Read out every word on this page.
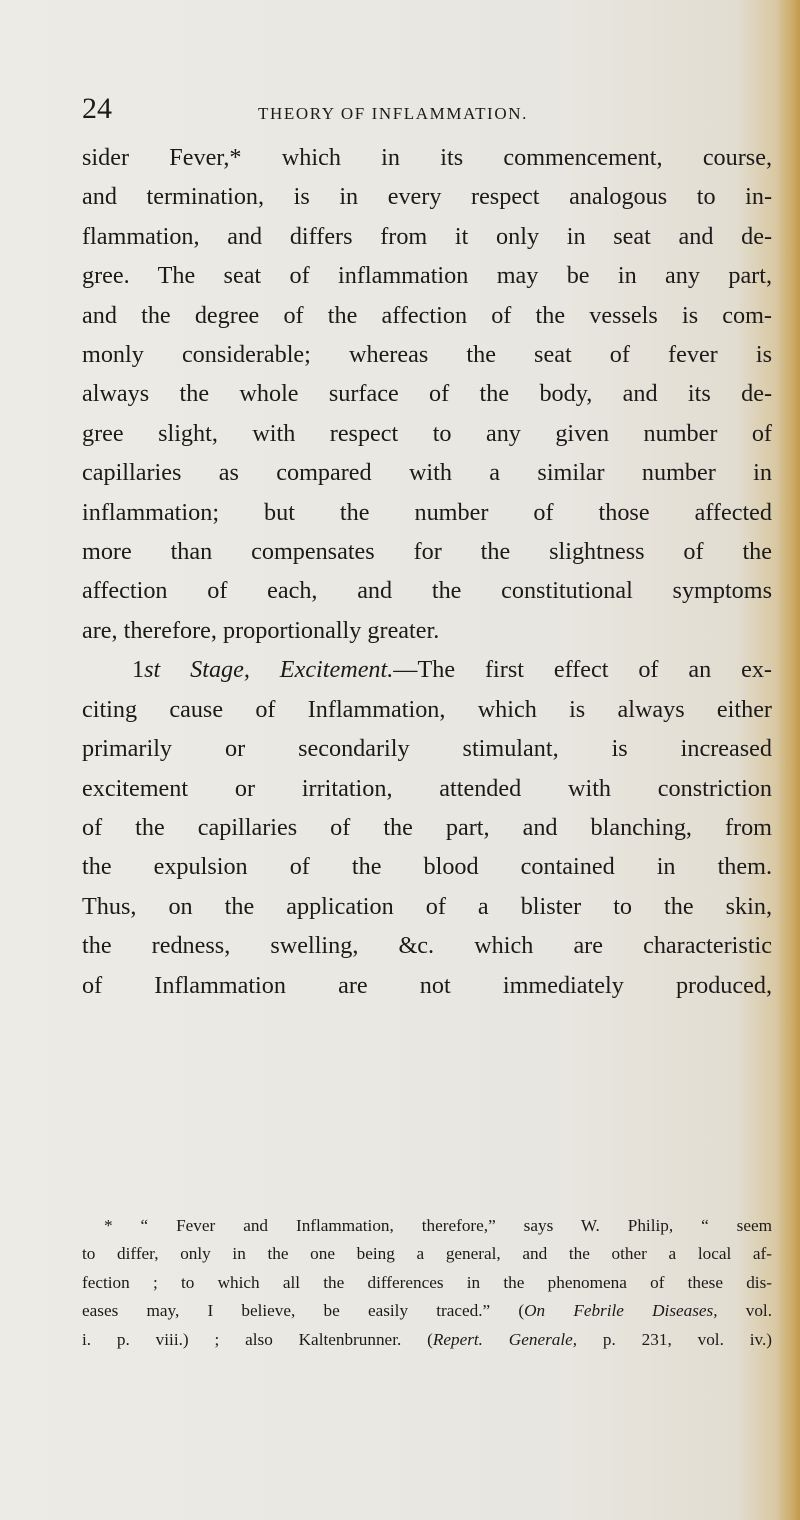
24	THEORY OF INFLAMMATION.

sider Fever,* which in its commencement, course,
and termination, is in every respect analogous to in-
flammation, and differs from it only in seat and de-
gree. The seat of inflammation may be in any part,
and the degree of the affection of the vessels is com-
monly considerable; whereas the seat of fever is
always the whole surface of the body, and its de-
gree slight, with respect to any given number of
capillaries as compared with a similar number in
inflammation; but the number of those affected
more than compensates for the slightness of the
affection of each, and the constitutional symptoms
are, therefore, proportionally greater.

1st Stage, Excitement.—The first effect of an ex-
citing cause of Inflammation, which is always either
primarily or secondarily stimulant, is increased
excitement or irritation, attended with constriction
of the capillaries of the part, and blanching, from
the expulsion of the blood contained in them.
Thus, on the application of a blister to the skin,
the redness, swelling, &c. which are characteristic
of Inflammation are not immediately produced,

* “ Fever and Inflammation, therefore,” says W. Philip, “ seem
to differ, only in the one being a general, and the other a local af-
fection ; to which all the differences in the phenomena of these dis-
eases may, I believe, be easily traced.” (On Febrile Diseases, vol.
i. p. viii.) ; also Kaltenbrunner. (Repert. Generale, p. 231, vol. iv.)
